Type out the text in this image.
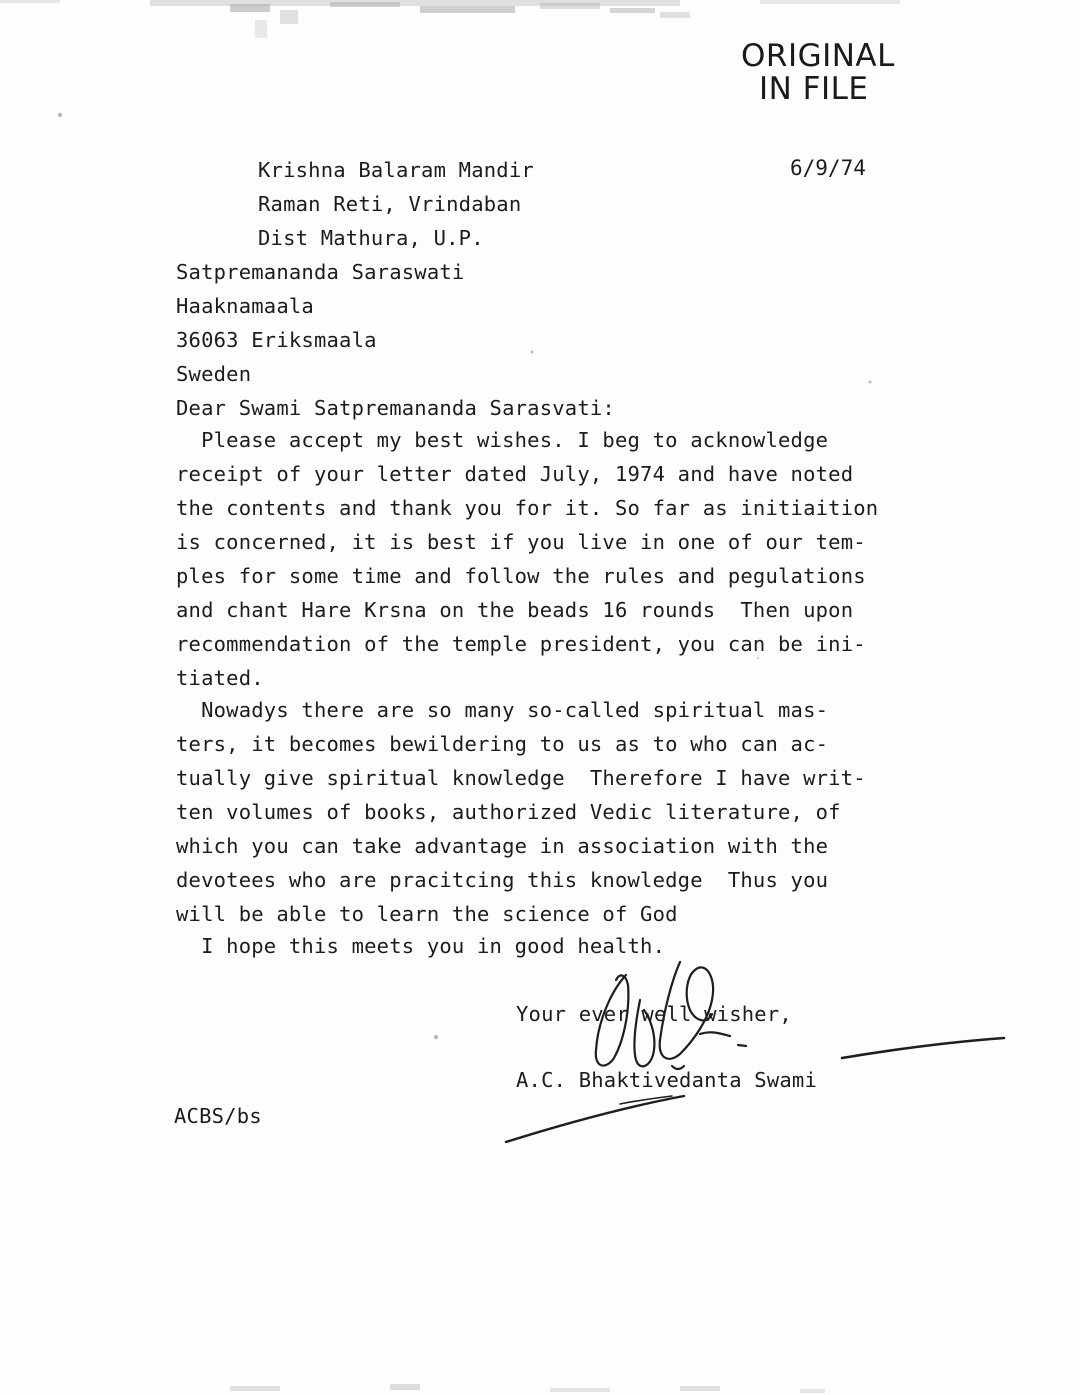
ORIGINAL
IN FILE
6/9/74
Krishna Balaram Mandir
Raman Reti, Vrindaban
Dist Mathura, U.P.
Satpremananda Saraswati
Haaknamaala
36063 Eriksmaala
Sweden
Dear Swami Satpremananda Sarasvati:
Please accept my best wishes. I beg to acknowledge
receipt of your letter dated July, 1974 and have noted
the contents and thank you for it. So far as initiaition
is concerned, it is best if you live in one of our tem-
ples for some time and follow the rules and pegulations
and chant Hare Krsna on the beads 16 rounds  Then upon
recommendation of the temple president, you can be ini-
tiated.
Nowadys there are so many so-called spiritual mas-
ters, it becomes bewildering to us as to who can ac-
tually give spiritual knowledge  Therefore I have writ-
ten volumes of books, authorized Vedic literature, of
which you can take advantage in association with the
devotees who are pracitcing this knowledge  Thus you
will be able to learn the science of God
I hope this meets you in good health.
Your ever well wisher,
A.C. Bhaktivedanta Swami
ACBS/bs
